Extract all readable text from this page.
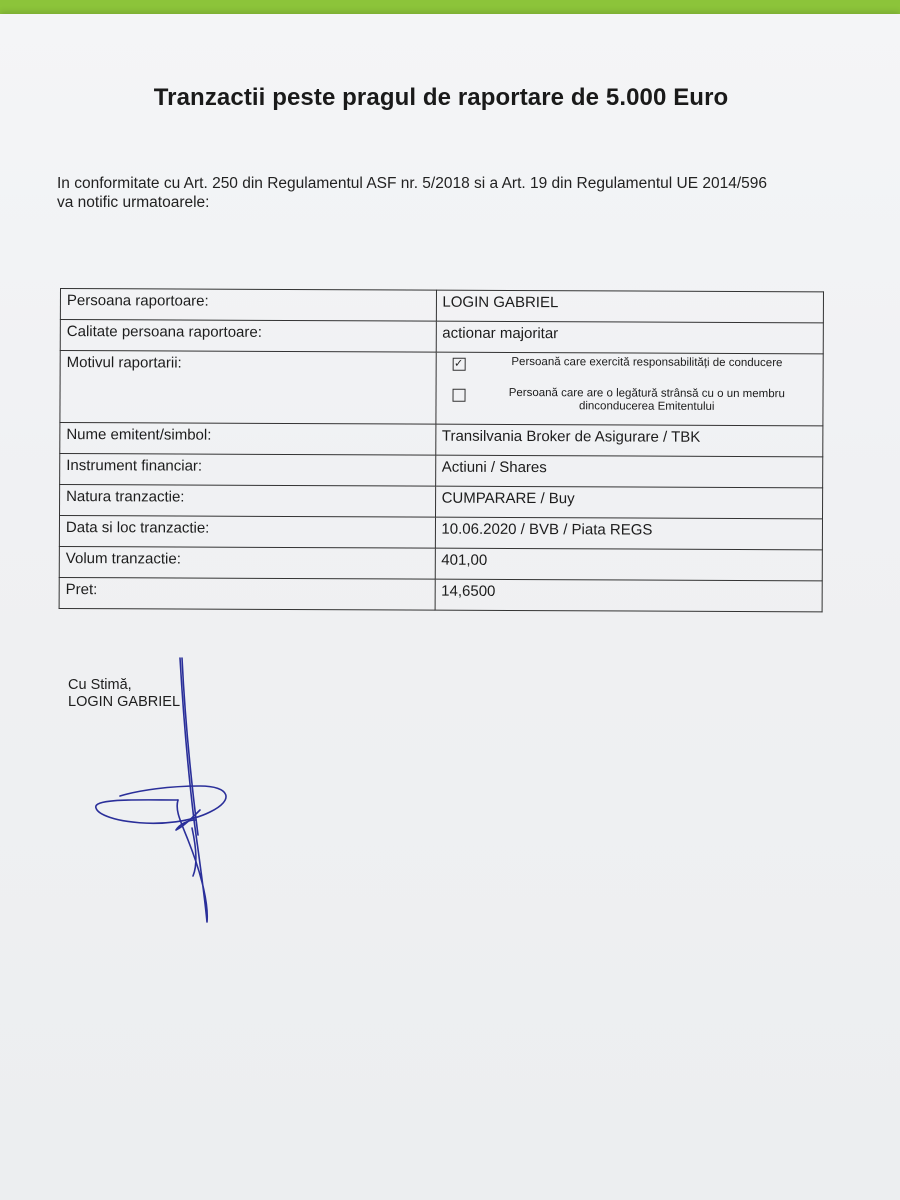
Tranzactii peste pragul de raportare de 5.000 Euro
In conformitate cu Art. 250 din Regulamentul ASF nr. 5/2018 si a Art. 19 din Regulamentul UE 2014/596
va notific urmatoarele:
Persoana raportoare:	LOGIN GABRIEL
Calitate persoana raportoare:	actionar majoritar
Motivul raportarii:	✓ Persoană care exercită responsabilități de conducere
Persoană care are o legătură strânsă cu o un membru
dinconducerea Emitentului

Nume emitent/simbol:	Transilvania Broker de Asigurare / TBK
Instrument financiar:	Actiuni / Shares
Natura tranzactie:	CUMPARARE / Buy
Data si loc tranzactie:	10.06.2020 / BVB / Piata REGS
Volum tranzactie:	401,00
Pret:	14,6500
Cu Stimă,
LOGIN GABRIEL
